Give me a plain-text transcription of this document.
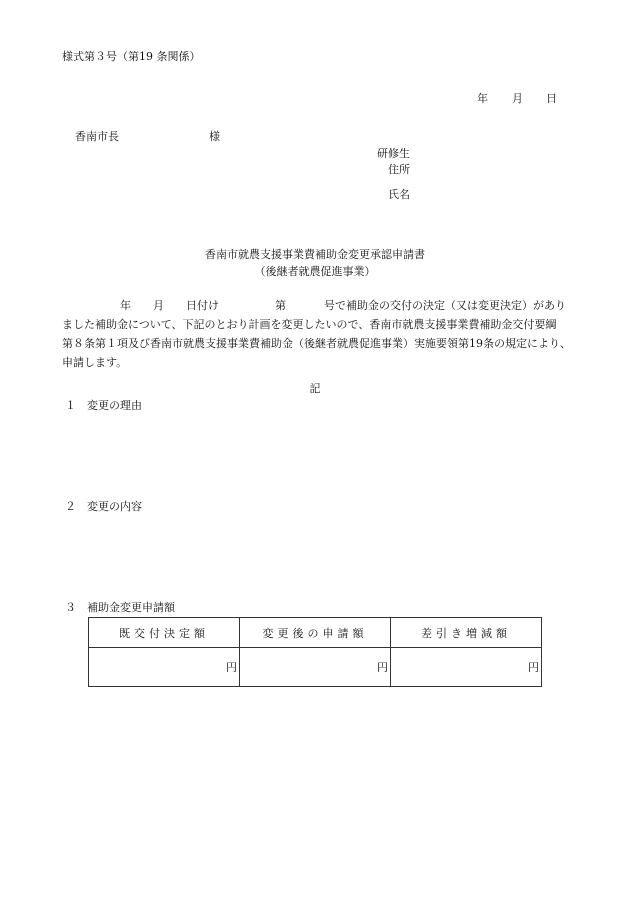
様式第３号（第19 条関係）
年 月 日
香南市長	様
研修生
住所
氏名
香南市就農支援事業費補助金変更承認申請書
（後継者就農促進事業）
年 月 日付け	第	号で補助金の交付の決定（又は変更決定）があり
ました補助金について、下記のとおり計画を変更したいので、香南市就農支援事業費補助金交付要綱
第８条第１項及び香南市就農支援事業費補助金（後継者就農促進事業）実施要領第19条の規定により、
申請します。
記
１ 変更の理由
２ 変更の内容
３ 補助金変更申請額
既交付決定額	変更後の申請額	差引き増減額
円	円	円
